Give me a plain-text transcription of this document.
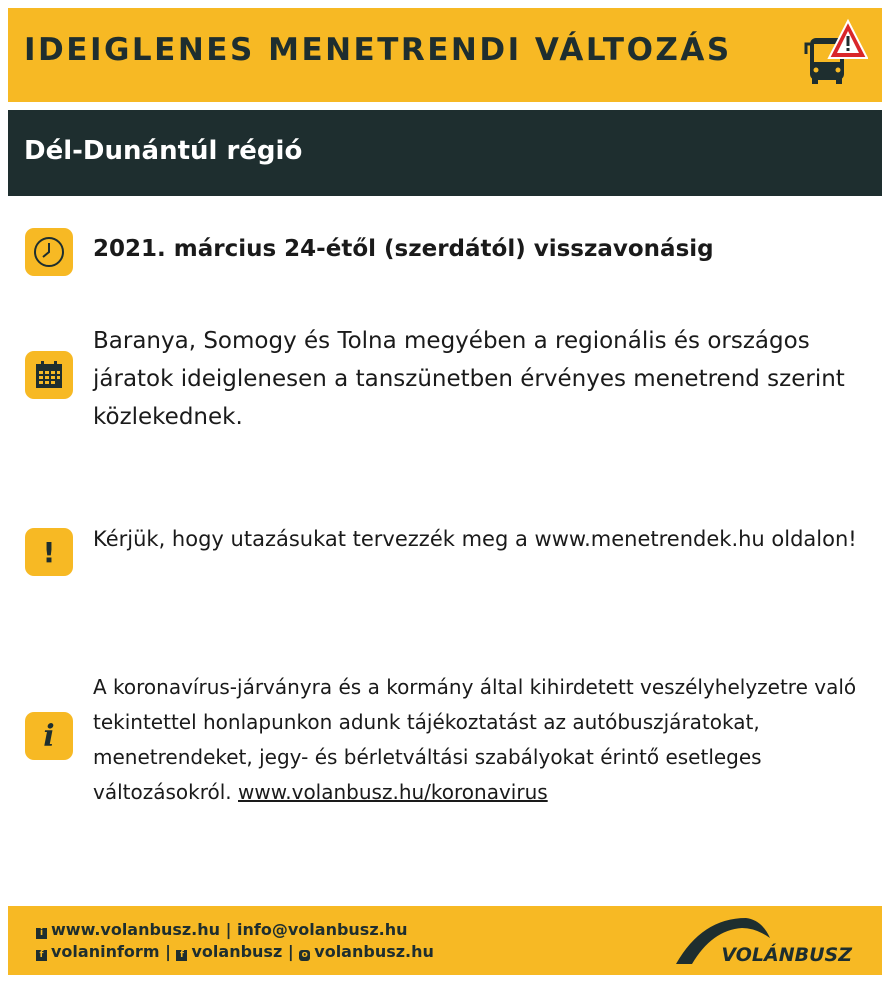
IDEIGLENES MENETRENDI VÁLTOZÁS
Dél-Dunántúl régió
2021. március 24-étől (szerdától) visszavonásig
Baranya, Somogy és Tolna megyében a regionális és országos járatok ideiglenesen a tanszünetben érvényes menetrend szerint közlekednek.
! Kérjük, hogy utazásukat tervezzék meg a www.menetrendek.hu oldalon!
i
A koronavírus-járványra és a kormány által kihirdetett veszélyhelyzetre való tekintettel honlapunkon adunk tájékoztatást az autóbuszjáratokat, menetrendeket, jegy- és bérletváltási szabályokat érintő esetleges változásokról. www.volanbusz.hu/koronavirus
i www.volanbusz.hu | info@volanbusz.hu
f volaninform | f volanbusz | o volanbusz.hu	VOLÁNBUSZ
